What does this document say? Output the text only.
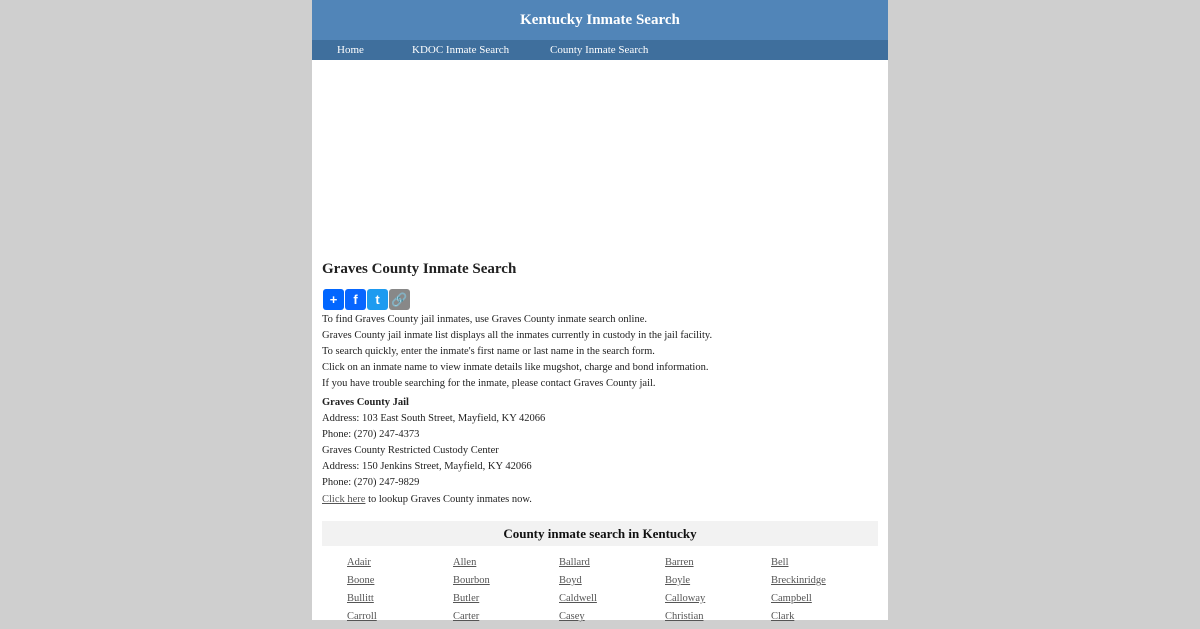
Kentucky Inmate Search
Home	KDOC Inmate Search	County Inmate Search
Graves County Inmate Search
+	f	t 🔗

To find Graves County jail inmates, use Graves County inmate search online.

Graves County jail inmate list displays all the inmates currently in custody in the jail facility.

To search quickly, enter the inmate's first name or last name in the search form.

Click on an inmate name to view inmate details like mugshot, charge and bond information.

If you have trouble searching for the inmate, please contact Graves County jail.

Graves County Jail

Address: 103 East South Street, Mayfield, KY 42066

Phone: (270) 247-4373

Graves County Restricted Custody Center

Address: 150 Jenkins Street, Mayfield, KY 42066

Phone: (270) 247-9829

Click here to lookup Graves County inmates now.
County inmate search in Kentucky
Adair	Allen	Ballard	Barren	Bell
Boone	Bourbon	Boyd	Boyle	Breckinridge
Bullitt	Butler	Caldwell	Calloway	Campbell
Carroll	Carter	Casey	Christian	Clark
